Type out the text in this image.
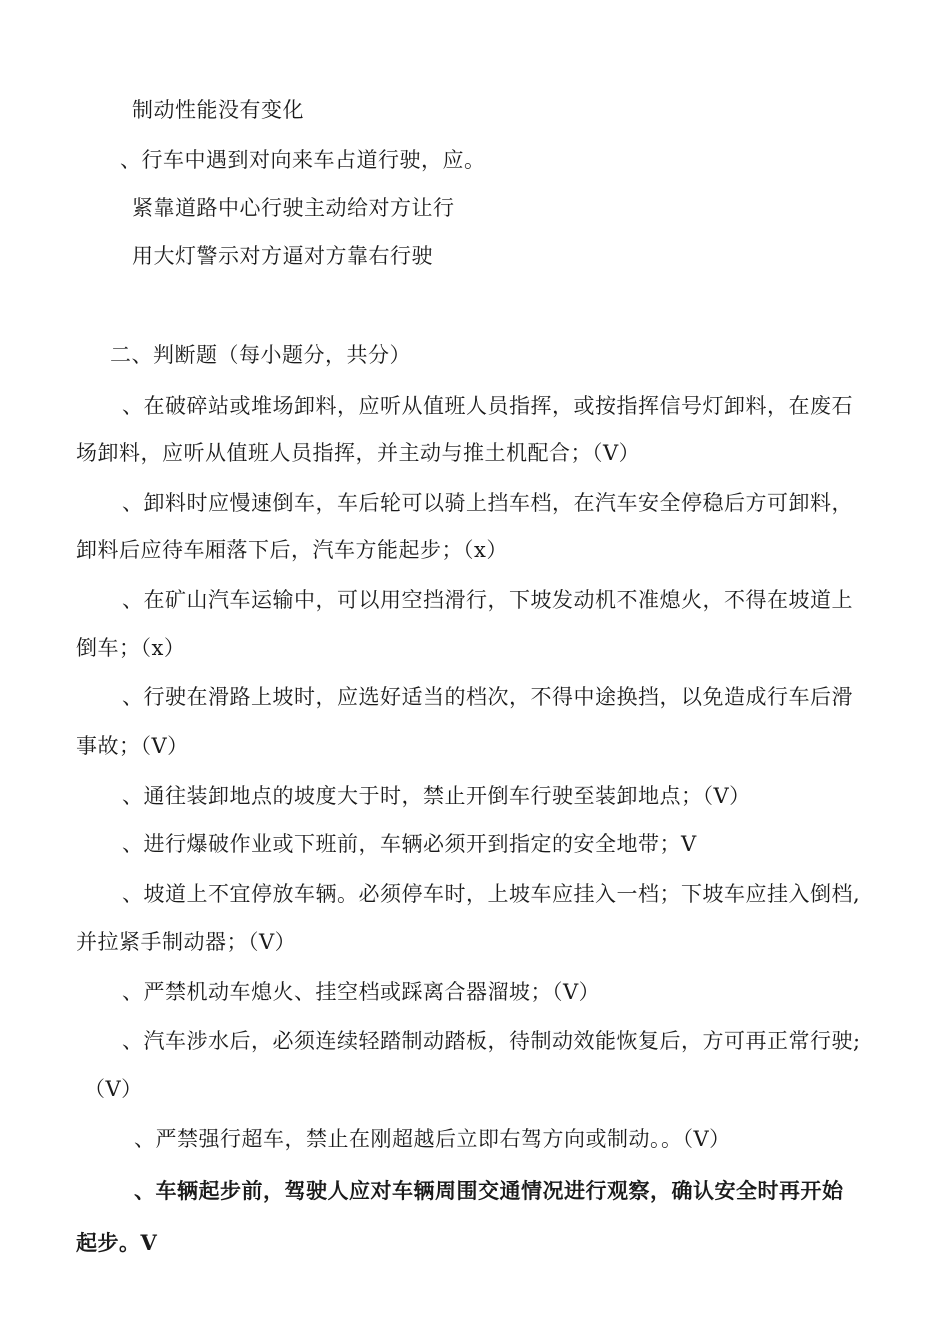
制动性能没有变化
、行车中遇到对向来车占道行驶，应。
紧靠道路中心行驶主动给对方让行
用大灯警示对方逼对方靠右行驶
二、判断题（每小题分，共分）
、在破碎站或堆场卸料，应听从值班人员指挥，或按指挥信号灯卸料，在废石
场卸料，应听从值班人员指挥，并主动与推土机配合；（V）
、卸料时应慢速倒车，车后轮可以骑上挡车档，在汽车安全停稳后方可卸料，
卸料后应待车厢落下后，汽车方能起步；（x）
、在矿山汽车运输中，可以用空挡滑行，下坡发动机不准熄火，不得在坡道上
倒车；（x）
、行驶在滑路上坡时，应选好适当的档次，不得中途换挡，以免造成行车后滑
事故；（V）
、通往装卸地点的坡度大于时，禁止开倒车行驶至装卸地点；（V）
、进行爆破作业或下班前，车辆必须开到指定的安全地带；V
、坡道上不宜停放车辆。必须停车时，上坡车应挂入一档；下坡车应挂入倒档,
并拉紧手制动器；（V）
、严禁机动车熄火、挂空档或踩离合器溜坡；（V）
、汽车涉水后，必须连续轻踏制动踏板，待制动效能恢复后，方可再正常行驶;
（V）
、严禁强行超车，禁止在刚超越后立即右驾方向或制动。。（V）
、车辆起步前，驾驶人应对车辆周围交通情况进行观察，确认安全时再开始
起步。V
